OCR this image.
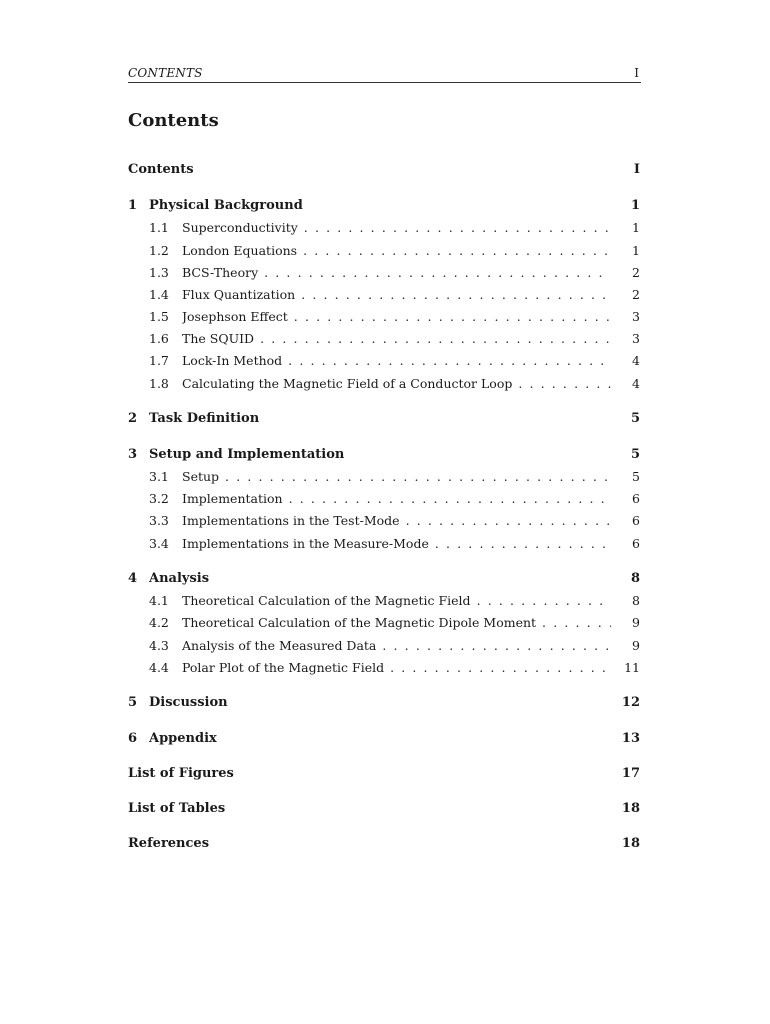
CONTENTS	I
Contents
Contents	I
1 Physical Background	1
1.1 Superconductivity . . .	1
1.2 London Equations . . .	1
1.3 BCS-Theory . . .	2
1.4 Flux Quantization . . .	2
1.5 Josephson Effect . . .	3
1.6 The SQUID . . .	3
1.7 Lock-In Method . . .	4
1.8 Calculating the Magnetic Field of a Conductor Loop . . .	4
2 Task Definition	5
3 Setup and Implementation	5
3.1 Setup . . .	5
3.2 Implementation . . .	6
3.3 Implementations in the Test-Mode . . .	6
3.4 Implementations in the Measure-Mode . . .	6
4 Analysis	8
4.1 Theoretical Calculation of the Magnetic Field . . .	8
4.2 Theoretical Calculation of the Magnetic Dipole Moment . . .	9
4.3 Analysis of the Measured Data . . .	9
4.4 Polar Plot of the Magnetic Field . . .	11
5 Discussion	12
6 Appendix	13
List of Figures	17
List of Tables	18
References	18
